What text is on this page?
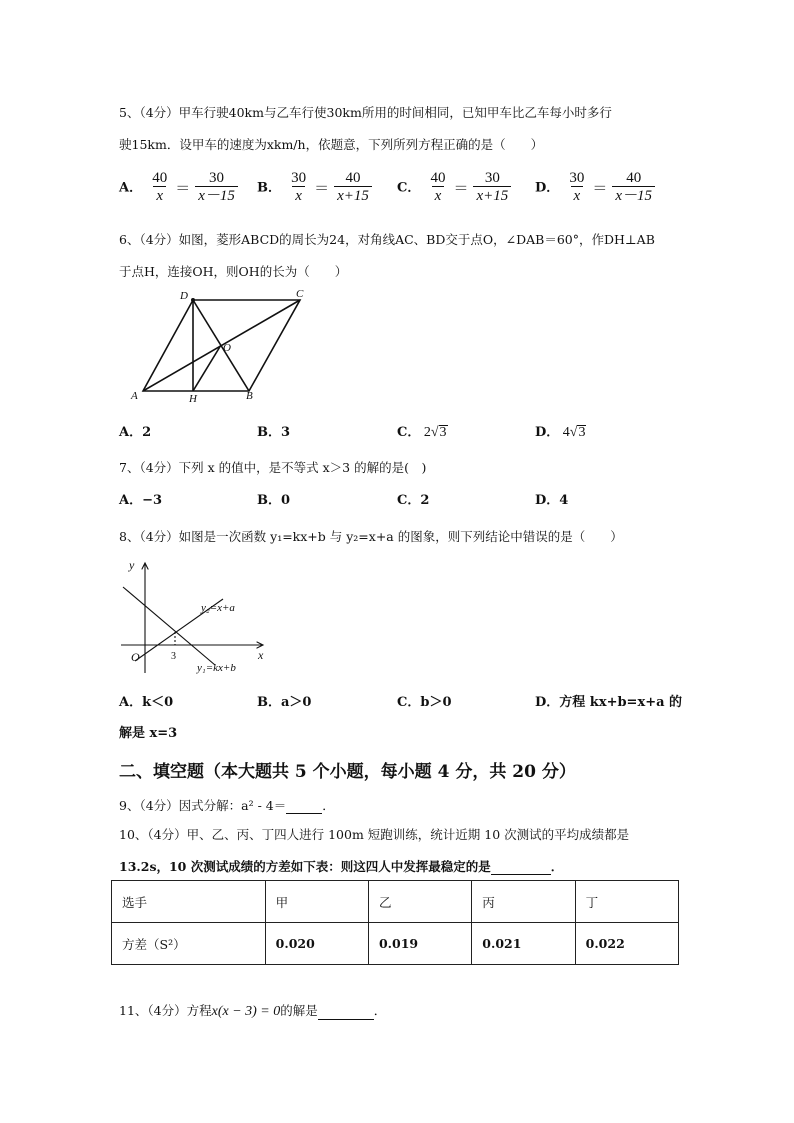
5、（4分）甲车行驶40km与乙车行使30km所用的时间相同，已知甲车比乙车每小时多行
驶15km．设甲车的速度为xkm/h，依题意，下列所列方程正确的是（　　）
A． $\frac{40}{x} = \frac{30}{x-15}$ B． $\frac{30}{x} = \frac{40}{x+15}$ C． $\frac{40}{x} = \frac{30}{x+15}$ D． $\frac{30}{x} = \frac{40}{x-15}$
6、（4分）如图，菱形ABCD的周长为24，对角线AC、BD交于点O，∠DAB＝60°，作DH⊥AB
于点H，连接OH，则OH的长为（　　）
D	C
O
A	H	B
A．2	B．3	C． 2√3	D． 4√3
7、（4分）下列 x 的值中，是不等式 x＞3 的解的是(　)
A．−3	B．0	C．2	D．4
8、（4分）如图是一次函数 y₁=kx+b 与 y₂=x+a 的图象，则下列结论中错误的是（　　）
y
x
O	3
y₂=x+a
y₁=kx+b
A．k＜0	B．a＞0	C．b＞0	D．方程 kx+b=x+a 的
解是 x=3
二、填空题（本大题共 5 个小题，每小题 4 分，共 20 分）
9、（4分）因式分解：a² - 4＝	．
10、（4分）甲、乙、丙、丁四人进行 100m 短跑训练，统计近期 10 次测试的平均成绩都是
13.2s，10 次测试成绩的方差如下表：则这四人中发挥最稳定的是	．
选手	甲	乙	丙	丁
方差（S²）	0.020	0.019	0.021	0.022
11、（4分）方程x(x − 3) = 0的解是	．
